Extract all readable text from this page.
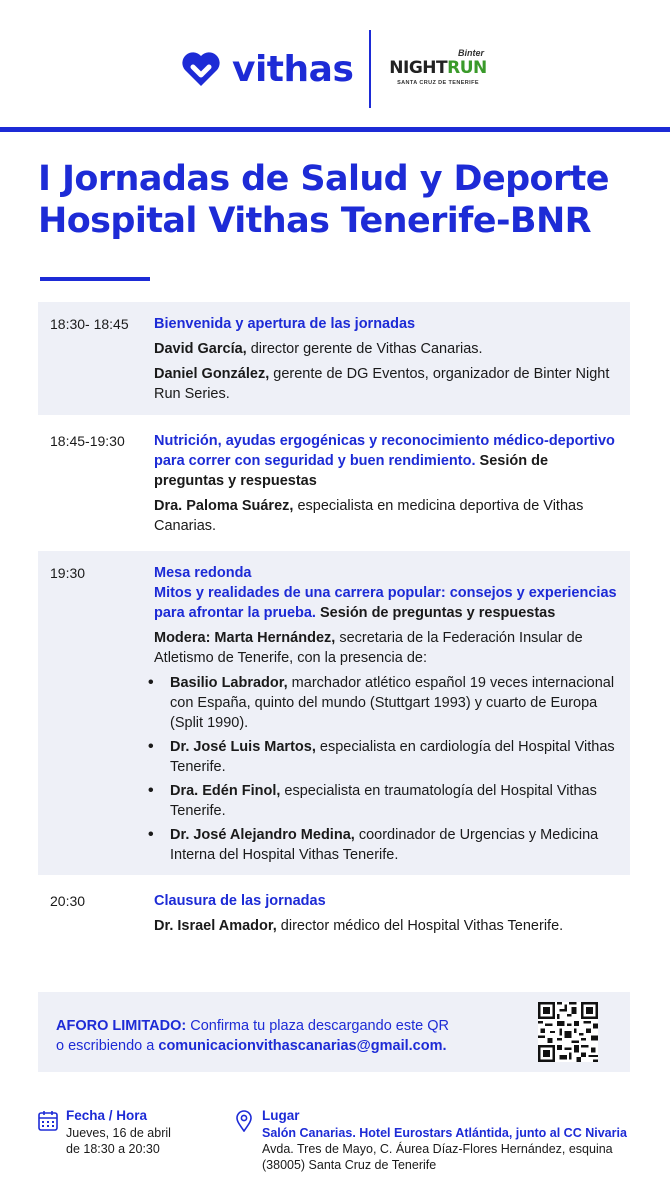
vithas	Binter
NIGHTRUN
SANTA CRUZ DE TENERIFE
I Jornadas de Salud y Deporte
Hospital Vithas Tenerife-BNR
18:30- 18:45	Bienvenida y apertura de las jornadas
David García, director gerente de Vithas Canarias.
Daniel González, gerente de DG Eventos, organizador de Binter Night Run Series.
18:45-19:30	Nutrición, ayudas ergogénicas y reconocimiento médico-deportivo para correr con seguridad y buen rendimiento. Sesión de preguntas y respuestas
Dra. Paloma Suárez, especialista en medicina deportiva de Vithas Canarias.
19:30	Mesa redonda
Mitos y realidades de una carrera popular: consejos y experiencias para afrontar la prueba. Sesión de preguntas y respuestas
Modera: Marta Hernández, secretaria de la Federación Insular de Atletismo de Tenerife, con la presencia de:
• Basilio Labrador, marchador atlético español 19 veces internacional con España, quinto del mundo (Stuttgart 1993) y cuarto de Europa (Split 1990).
• Dr. José Luis Martos, especialista en cardiología del Hospital Vithas Tenerife.
• Dra. Edén Finol, especialista en traumatología del Hospital Vithas Tenerife.
• Dr. José Alejandro Medina, coordinador de Urgencias y Medicina Interna del Hospital Vithas Tenerife.
20:30	Clausura de las jornadas
Dr. Israel Amador, director médico del Hospital Vithas Tenerife.
AFORO LIMITADO: Confirma tu plaza descargando este QR
o escribiendo a comunicacionvithascanarias@gmail.com.
Fecha / Hora
Jueves, 16 de abril
de 18:30 a 20:30
Lugar
Salón Canarias. Hotel Eurostars Atlántida, junto al CC Nivaria
Avda. Tres de Mayo, C. Áurea Díaz-Flores Hernández, esquina
(38005) Santa Cruz de Tenerife
